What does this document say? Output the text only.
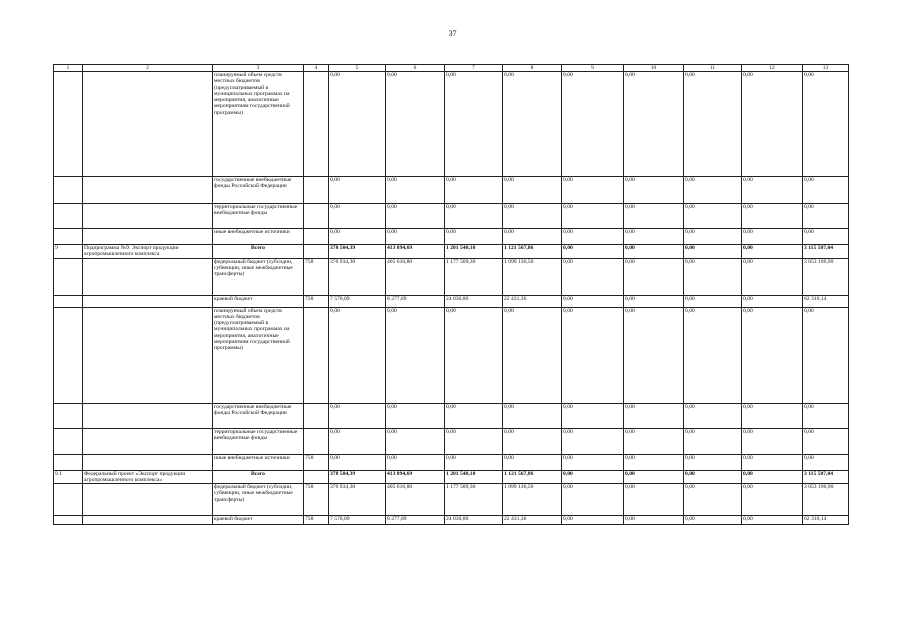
37
1	2	3	4	5	6	7	8	9	10	11	12	13
		планируемый объем средств местных бюджетов (предусматриваемый в муниципальных программах на мероприятия, аналогичные мероприятиям государственной программы)		0,00	0,00	0,00	0,00	0,00	0,00	0,00	0,00	0,00
		государственные внебюджетные фонды Российской Федерации		0,00	0,00	0,00	0,00	0,00	0,00	0,00	0,00	0,00
		территориальные государственные внебюджетные фонды		0,00	0,00	0,00	0,00	0,00	0,00	0,00	0,00	0,00
		иные внебюджетные источники		0,00	0,00	0,00	0,00	0,00	0,00	0,00	0,00	0,00
9	Подпрограмма №9: Экспорт продукции агропромышленного комплекса	Всего		378 504,39	413 894,69	1 201 540,10	1 121 567,86	0,00	0,00	0,00	0,00	3 115 507,04
		федеральный бюджет (субсидии, субвенции, иные межбюджетные трансферты)	758	370 934,30	405 616,80	1 177 509,30	1 099 136,50	0,00	0,00	0,00	0,00	3 053 196,90
		краевой бюджет	758	7 570,09	8 277,89	24 030,80	22 431,36	0,00	0,00	0,00	0,00	62 310,14
		планируемый объем средств местных бюджетов (предусматриваемый в муниципальных программах на мероприятия, аналогичные мероприятиям государственной программы)		0,00	0,00	0,00	0,00	0,00	0,00	0,00	0,00	0,00
		государственные внебюджетные фонды Российской Федерации		0,00	0,00	0,00	0,00	0,00	0,00	0,00	0,00	0,00
		территориальные государственные внебюджетные фонды		0,00	0,00	0,00	0,00	0,00	0,00	0,00	0,00	0,00
		иные внебюджетные источники	758	0,00	0,00	0,00	0,00	0,00	0,00	0,00	0,00	0,00
9.1	Федеральный проект «Экспорт продукции агропромышленного комплекса»	Всего		378 504,39	413 894,69	1 201 540,10	1 121 567,86	0,00	0,00	0,00	0,00	3 115 507,04
		федеральный бюджет (субсидии, субвенции, иные межбюджетные трансферты)	758	370 934,30	405 616,80	1 177 509,30	1 099 136,50	0,00	0,00	0,00	0,00	3 053 196,90
		краевой бюджет	758	7 570,09	8 277,89	24 030,80	22 431,36	0,00	0,00	0,00	0,00	62 310,14
